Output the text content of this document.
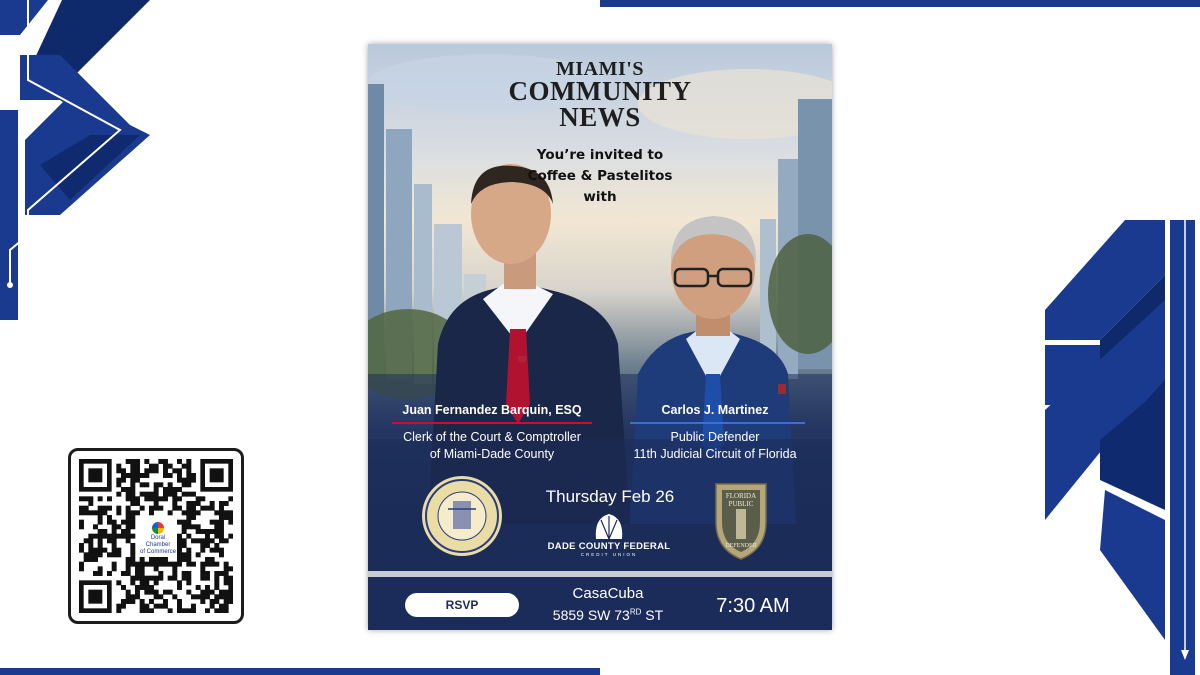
Doral Chamber
of Commerce
FLORIDA
PUBLIC
DEFENDER
MIAMI'S
COMMUNITY
NEWS
You’re invited to
Coffee & Pastelitos
with
Juan Fernandez Barquin, ESQ
Clerk of the Court & Comptroller
of Miami-Dade County
Carlos J. Martinez
Public Defender
11th Judicial Circuit of Florida
Thursday Feb 26
DADE COUNTY FEDERAL
CREDIT UNION
RSVP
CasaCuba
5859 SW 73RD ST	7:30 AM
